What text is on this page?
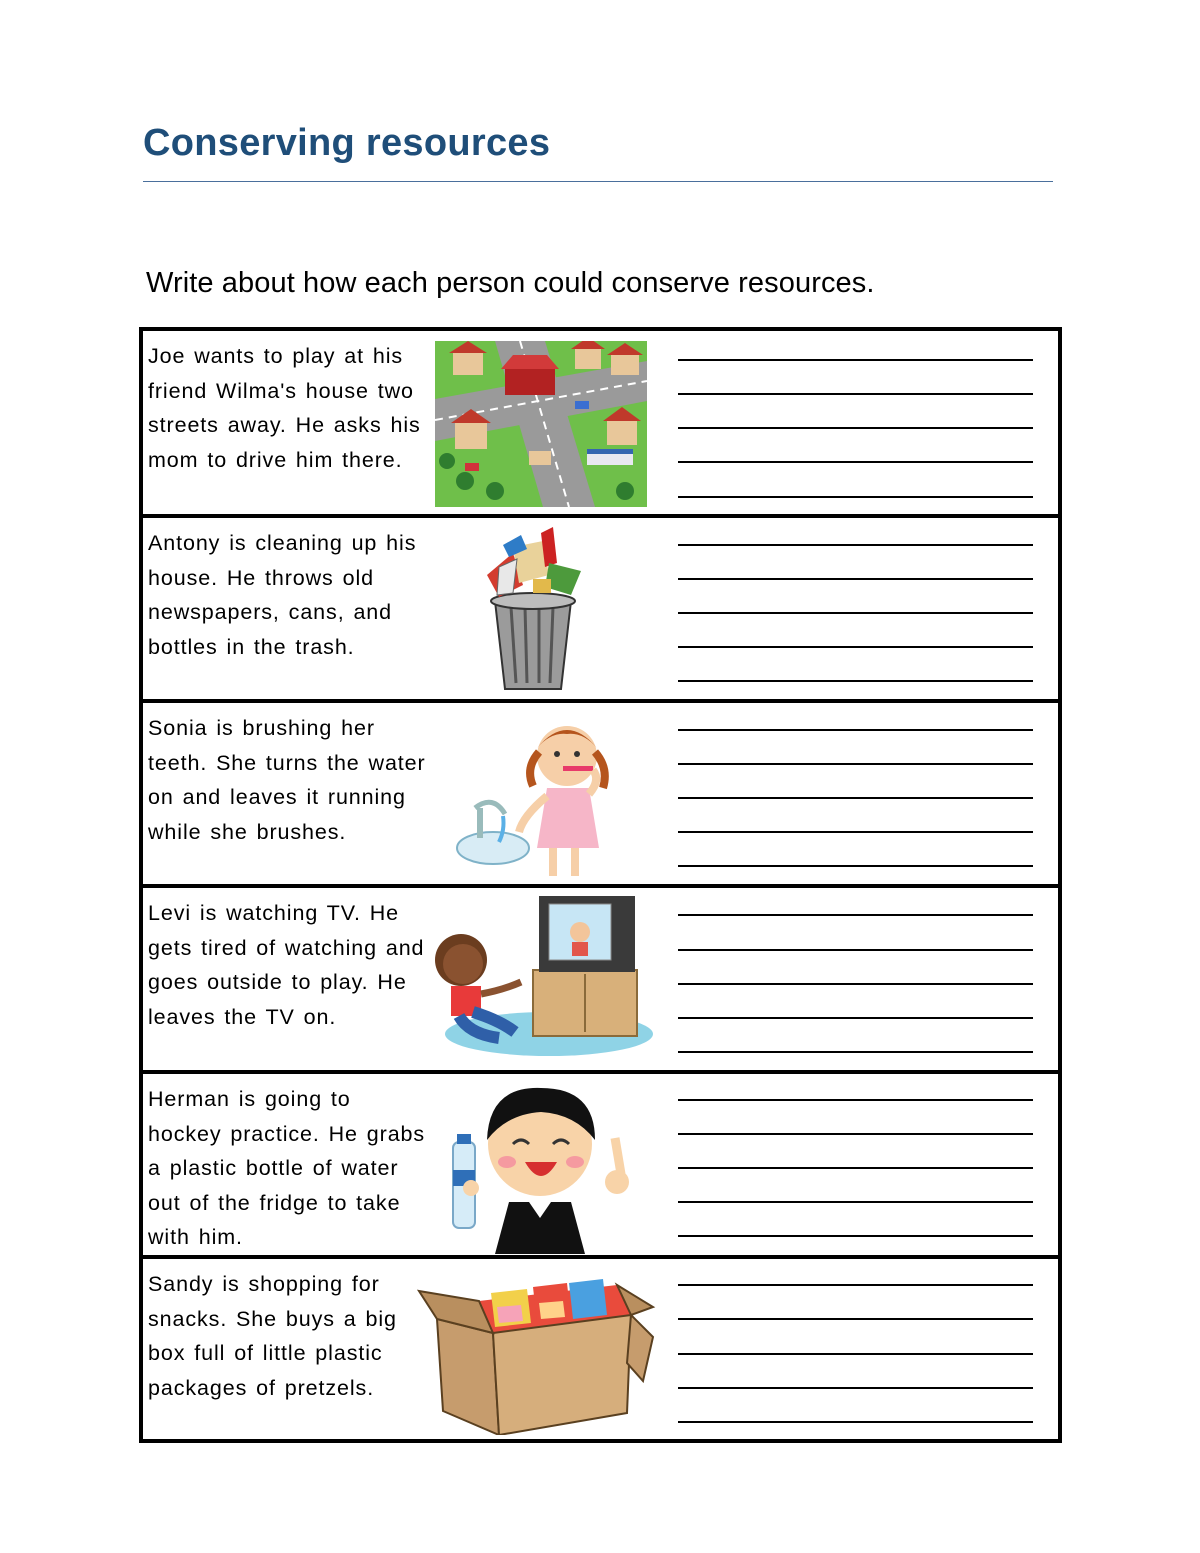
Conserving resources

Write about how each person could conserve resources.

Joe wants to play at his friend Wilma's house two streets away. He asks his mom to drive him there.
Antony is cleaning up his house. He throws old newspapers, cans, and bottles in the trash.
Sonia is brushing her teeth. She turns the water on and leaves it running while she brushes.
Levi is watching TV. He gets tired of watching and goes outside to play. He leaves the TV on.
Herman is going to hockey practice. He grabs a plastic bottle of water out of the fridge to take with him.
Sandy is shopping for snacks. She buys a big box full of little plastic packages of pretzels.
